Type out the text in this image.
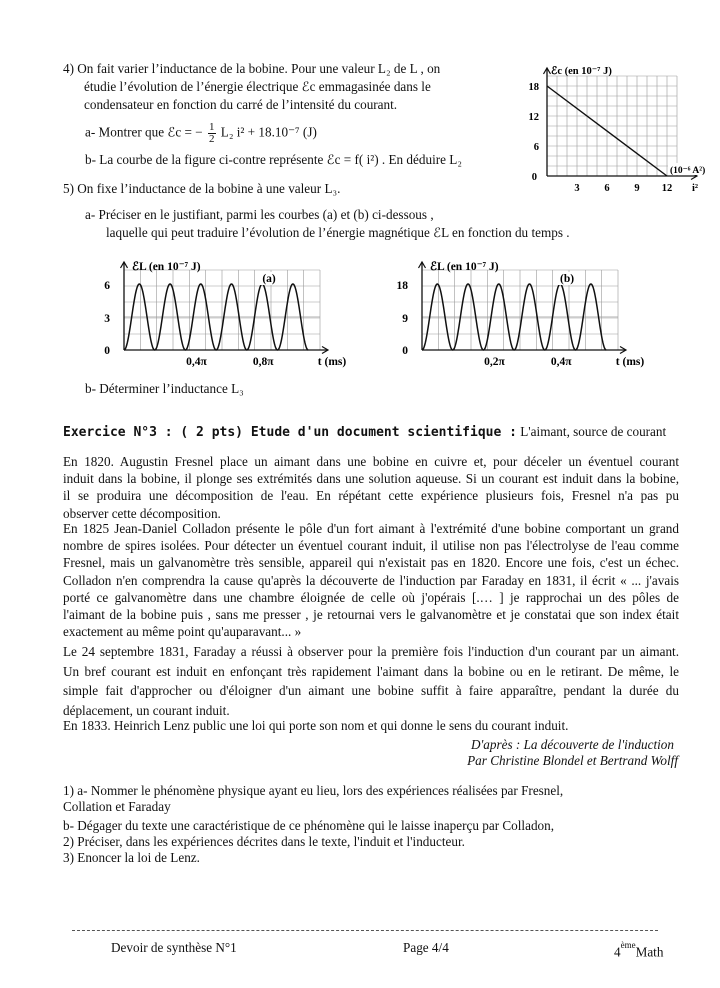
4) On fait varier l’inductance de la bobine. Pour une valeur L₂ de L , on
étudie l’évolution de l’énergie électrique ℰc emmagasinée dans le
condensateur en fonction du carré de l’intensité du courant.
a- Montrer que ℰc = − $\frac{1}{2} L_2$ i² + 18.10⁻⁷ (J)
b- La courbe de la figure ci-contre représente ℰc = f( i²) . En déduire L₂
ℰc (en 10⁻⁷ J)
6
12
18
3 6 9 12
0
(10⁻⁶ A²)
i²
5) On fixe l’inductance de la bobine à une valeur L₃.
a- Préciser en le justifiant, parmi les courbes (a) et (b) ci-dessous ,
laquelle qui peut traduire l’évolution de l’énergie magnétique ℰL en fonction du temps .
ℰL (en 10⁻⁷ J)
6
3
0
0,4π	0,8π	t (ms)
(a)
ℰL (en 10⁻⁷ J)
18
9
0
0,2π	0,4π	t (ms)
(b)
b- Déterminer l’inductance L₃
Exercice N°3 : ( 2 pts) Etude d'un document scientifique : L'aimant, source de courant
En 1820. Augustin Fresnel place un aimant dans une bobine en cuivre et, pour déceler un éventuel courant
induit dans la bobine, il plonge ses extrémités dans une solution aqueuse. Si un courant est induit dans la bobine,
il se produira une décomposition de l'eau. En répétant cette expérience plusieurs fois, Fresnel n'a pas pu
observer cette décomposition.
En 1825 Jean-Daniel Colladon présente le pôle d'un fort aimant à l'extrémité d'une bobine comportant un grand
nombre de spires isolées. Pour détecter un éventuel courant induit, il utilise non pas l'électrolyse de l'eau comme
Fresnel, mais un galvanomètre très sensible, appareil qui n'existait pas en 1820. Encore une fois, c'est un échec.
Colladon n'en comprendra la cause qu'après la découverte de l'induction par Faraday en 1831, il écrit « ... j'avais
porté ce galvanomètre dans une chambre éloignée de celle où j'opérais [.… ] je rapprochai un des pôles de
l'aimant de la bobine puis , sans me presser , je retournai vers le galvanomètre et je constatai que son index était
exactement au même point qu'auparavant... »
Le 24 septembre 1831, Faraday a réussi à observer pour la première fois l'induction d'un courant par un aimant.
Un bref courant est induit en enfonçant très rapidement l'aimant dans la bobine ou en le retirant. De même, le
simple fait d'approcher ou d'éloigner d'un aimant une bobine suffit à faire apparaître, pendant la durée du
déplacement, un courant induit.
En 1833. Heinrich Lenz public une loi qui porte son nom et qui donne le sens du courant induit.
D'après : La découverte de l'induction
Par Christine Blondel et Bertrand Wolff
1) a- Nommer le phénomène physique ayant eu lieu, lors des expériences réalisées par Fresnel,
Collation et Faraday
b- Dégager du texte une caractéristique de ce phénomène qui le laisse inaperçu par Colladon,
2) Préciser, dans les expériences décrites dans le texte, l'induit et l'inducteur.
3) Enoncer la loi de Lenz.
Devoir de synthèse N°1	Page 4/4	4èmeMath
